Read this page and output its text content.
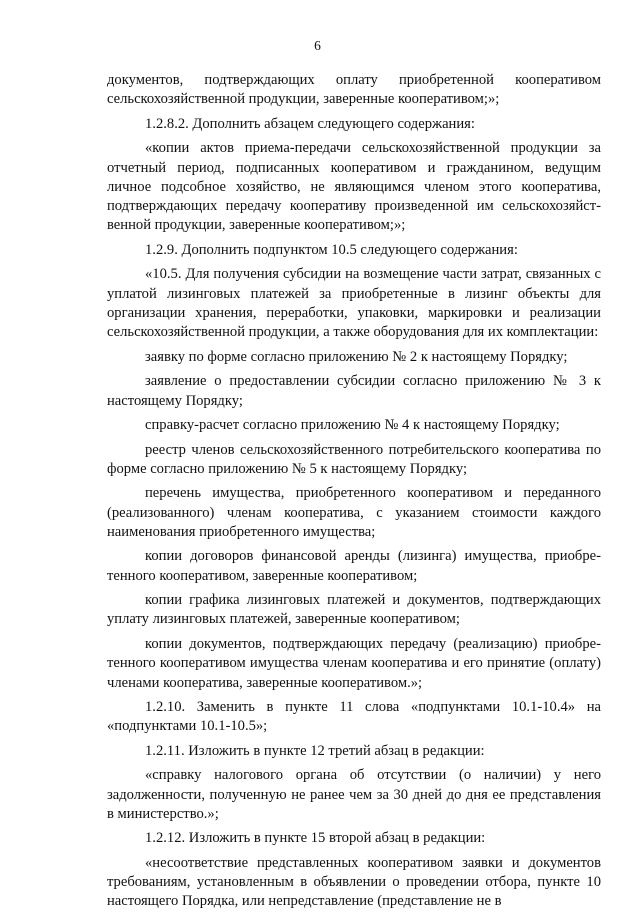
6

документов, подтверждающих оплату приобретенной кооперативом сельскохозяйственной продукции, заверенные кооперативом;»;

1.2.8.2. Дополнить абзацем следующего содержания:

«копии актов приема-передачи сельскохозяйственной продукции за отчетный период, подписанных кооперативом и гражданином, ведущим личное подсобное хозяйство, не являющимся членом этого кооператива, подтверждающих передачу кооперативу произведенной им сельскохозяйственной продукции, заверенные кооперативом;»;

1.2.9. Дополнить подпунктом 10.5 следующего содержания:

«10.5. Для получения субсидии на возмещение части затрат, связанных с уплатой лизинговых платежей за приобретенные в лизинг объекты для организации хранения, переработки, упаковки, маркировки и реализации сельскохозяйственной продукции, а также оборудования для их комплектации:

заявку по форме согласно приложению № 2 к настоящему Порядку;

заявление о предоставлении субсидии согласно приложению № 3 к настоящему Порядку;

справку-расчет согласно приложению № 4 к настоящему Порядку;

реестр членов сельскохозяйственного потребительского кооператива по форме согласно приложению № 5 к настоящему Порядку;

перечень имущества, приобретенного кооперативом и переданного (реализованного) членам кооператива, с указанием стоимости каждого наименования приобретенного имущества;

копии договоров финансовой аренды (лизинга) имущества, приобретенного кооперативом, заверенные кооперативом;

копии графика лизинговых платежей и документов, подтверждающих уплату лизинговых платежей, заверенные кооперативом;

копии документов, подтверждающих передачу (реализацию) приобретенного кооперативом имущества членам кооператива и его принятие (оплату) членами кооператива, заверенные кооперативом.»;

1.2.10. Заменить в пункте 11 слова «подпунктами 10.1-10.4» на «подпунктами 10.1-10.5»;

1.2.11. Изложить в пункте 12 третий абзац в редакции:

«справку налогового органа об отсутствии (о наличии) у него задолженности, полученную не ранее чем за 30 дней до дня ее представления в министерство.»;

1.2.12. Изложить в пункте 15 второй абзац в редакции:

«несоответствие представленных кооперативом заявки и документов требованиям, установленным в объявлении о проведении отбора, пункте 10 настоящего Порядка, или непредставление (представление не в
